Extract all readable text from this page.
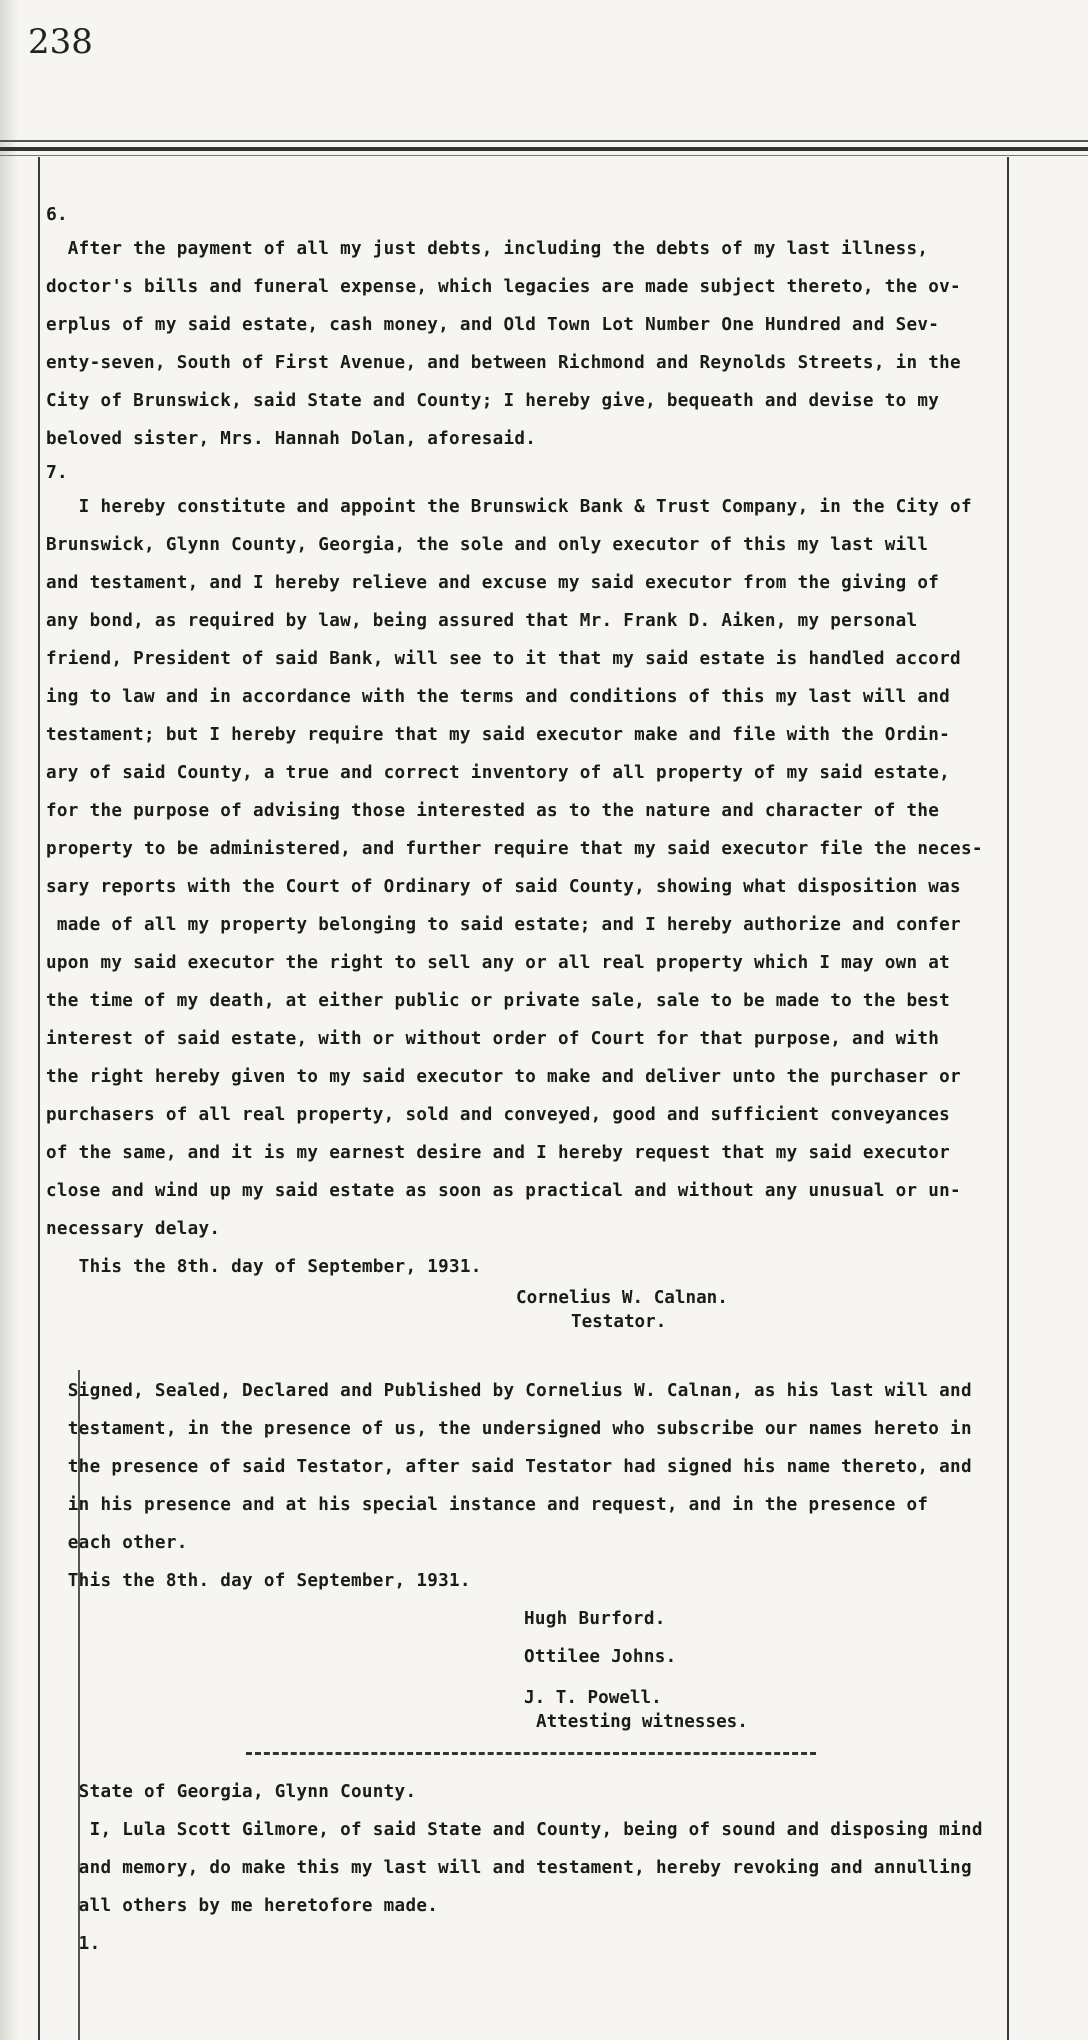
238
6.
After the payment of all my just debts, including the debts of my last illness,
doctor's bills and funeral expense, which legacies are made subject thereto, the ov-
erplus of my said estate, cash money, and Old Town Lot Number One Hundred and Sev-
enty-seven, South of First Avenue, and between Richmond and Reynolds Streets, in the
City of Brunswick, said State and County; I hereby give, bequeath and devise to my
beloved sister, Mrs. Hannah Dolan, aforesaid.
7.
I hereby constitute and appoint the Brunswick Bank & Trust Company, in the City of
Brunswick, Glynn County, Georgia, the sole and only executor of this my last will
and testament, and I hereby relieve and excuse my said executor from the giving of
any bond, as required by law, being assured that Mr. Frank D. Aiken, my personal
friend, President of said Bank, will see to it that my said estate is handled accord
ing to law and in accordance with the terms and conditions of this my last will and
testament; but I hereby require that my said executor make and file with the Ordin-
ary of said County, a true and correct inventory of all property of my said estate,
for the purpose of advising those interested as to the nature and character of the
property to be administered, and further require that my said executor file the neces-
sary reports with the Court of Ordinary of said County, showing what disposition was
made of all my property belonging to said estate; and I hereby authorize and confer
upon my said executor the right to sell any or all real property which I may own at
the time of my death, at either public or private sale, sale to be made to the best
interest of said estate, with or without order of Court for that purpose, and with
the right hereby given to my said executor to make and deliver unto the purchaser or
purchasers of all real property, sold and conveyed, good and sufficient conveyances
of the same, and it is my earnest desire and I hereby request that my said executor
close and wind up my said estate as soon as practical and without any unusual or un-
necessary delay.
This the 8th. day of September, 1931.
Cornelius W. Calnan.
Testator.
Signed, Sealed, Declared and Published by Cornelius W. Calnan, as his last will and
testament, in the presence of us, the undersigned who subscribe our names hereto in
the presence of said Testator, after said Testator had signed his name thereto, and
in his presence and at his special instance and request, and in the presence of
each other.
This the 8th. day of September, 1931.
Hugh Burford.
Ottilee Johns.
J. T. Powell.
Attesting witnesses.
State of Georgia, Glynn County.
I, Lula Scott Gilmore, of said State and County, being of sound and disposing mind
and memory, do make this my last will and testament, hereby revoking and annulling
all others by me heretofore made.
1.
